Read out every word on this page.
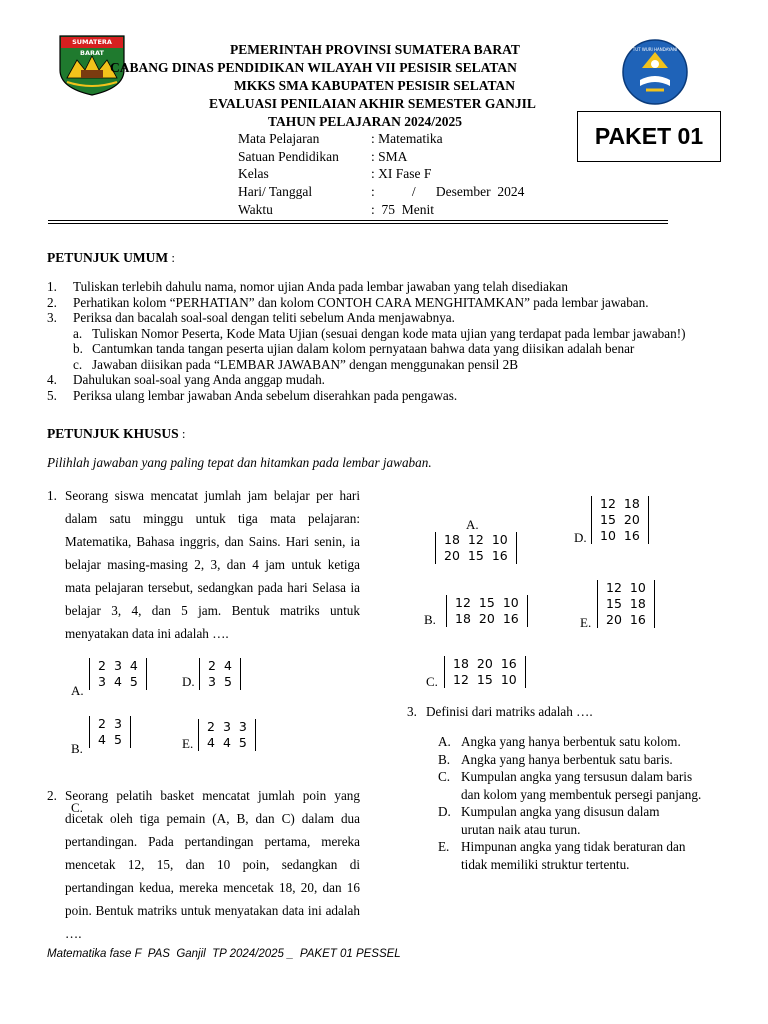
SUMATERA BARAT	PEMERINTAH PROVINSI SUMATERA BARAT
CABANG DINAS PENDIDIKAN WILAYAH VII PESISIR SELATAN
MKKS SMA KABUPATEN PESISIR SELATAN
EVALUASI PENILAIAN AKHIR SEMESTER GANJIL
TAHUN PELAJARAN 2024/2025
TUT WURI HANDAYANI
PAKET 01
Mata Pelajaran	: Matematika
Satuan Pendidikan : SMA
Kelas	: XI Fase F
Hari/ Tanggal	:           /      Desember  2024
Waktu	:  75  Menit
PETUNJUK UMUM :
1. Tuliskan terlebih dahulu nama, nomor ujian Anda pada lembar jawaban yang telah disediakan
2. Perhatikan kolom “PERHATIAN” dan kolom CONTOH CARA MENGHITAMKAN” pada lembar jawaban.
3. Periksa dan bacalah soal-soal dengan teliti sebelum Anda menjawabnya.
a. Tuliskan Nomor Peserta, Kode Mata Ujian (sesuai dengan kode mata ujian yang terdapat pada lembar jawaban!)
b. Cantumkan tanda tangan peserta ujian dalam kolom pernyataan bahwa data yang diisikan adalah benar
c. Jawaban diisikan pada “LEMBAR JAWABAN” dengan menggunakan pensil 2B
4. Dahulukan soal-soal yang Anda anggap mudah.
5. Periksa ulang lembar jawaban Anda sebelum diserahkan pada pengawas.
PETUNJUK KHUSUS :
Pilihlah jawaban yang paling tepat dan hitamkan pada lembar jawaban.
1. Seorang siswa mencatat jumlah jam belajar per hari dalam satu minggu untuk tiga mata pelajaran: Matematika, Bahasa inggris, dan Sains. Hari senin, ia belajar masing-masing 2, 3, dan 4 jam untuk ketiga mata pelajaran tersebut, sedangkan pada hari Selasa ia belajar 3, 4, dan 5 jam. Bentuk matriks untuk menyatakan data ini adalah ….
A.
2	3	4
3	4	5	D.
2	4
3	5
B.
2	3
4	5	E.
2	3	3
4	4	5
C.
2. Seorang pelatih basket mencatat jumlah poin yang dicetak oleh tiga pemain (A, B, dan C) dalam dua pertandingan. Pada pertandingan pertama, mereka mencetak 12, 15, dan 10 poin, sedangkan di pertandingan kedua, mereka mencetak 18, 20, dan 16 poin. Bentuk matriks untuk menyatakan data ini adalah ….
A.
18	12	10
20	15	16
D.
12	18
15	20
10	16
B.
12	15	10
18	20	16	E.
12	10
15	18
20	16
C.
18	20	16
12	15	10
3. Definisi dari matriks adalah ….
A. Angka yang hanya berbentuk satu kolom.
B. Angka yang hanya berbentuk satu baris.
C. Kumpulan angka yang tersusun dalam baris dan kolom yang membentuk persegi panjang.
D. Kumpulan angka yang disusun dalam urutan naik atau turun.
E. Himpunan angka yang tidak beraturan dan tidak memiliki struktur tertentu.
Matematika fase F  PAS  Ganjil  TP 2024/2025 _  PAKET 01 PESSEL
